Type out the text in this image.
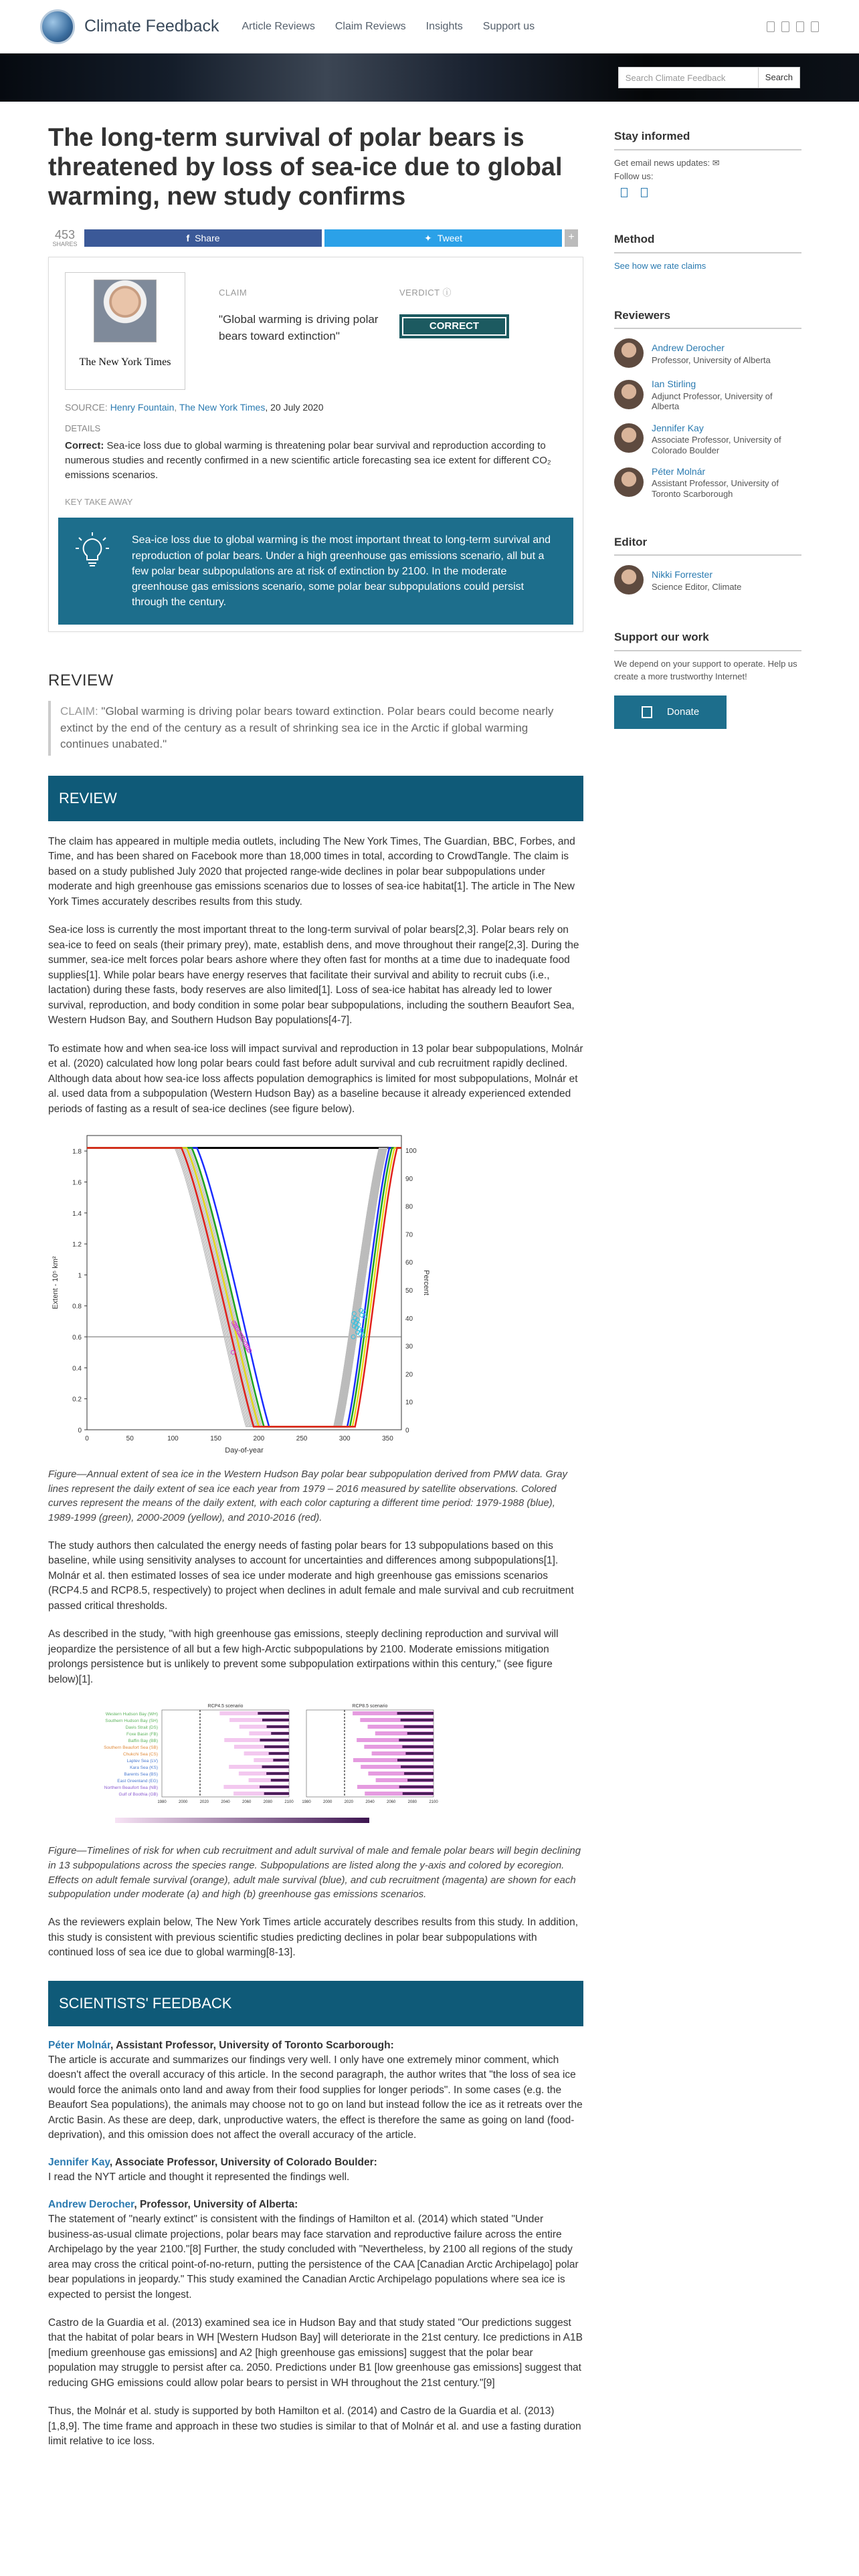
Climate Feedback Article Reviews Claim Reviews Insights Support us
Search Climate Feedback	Search
The long-term survival of polar bears is threatened by loss of sea-ice due to global warming, new study confirms
453
SHARES
f Share	✦ Tweet	+
The New York Times
CLAIM
"Global warming is driving polar bears toward extinction"
VERDICT ⓘ
CORRECT
SOURCE: Henry Fountain, The New York Times, 20 July 2020
DETAILS
Correct: Sea-ice loss due to global warming is threatening polar bear survival and reproduction according to numerous studies and recently confirmed in a new scientific article forecasting sea ice extent for different CO₂ emissions scenarios.
KEY TAKE AWAY
Sea-ice loss due to global warming is the most important threat to long-term survival and reproduction of polar bears. Under a high greenhouse gas emissions scenario, all but a few polar bear subpopulations are at risk of extinction by 2100. In the moderate greenhouse gas emissions scenario, some polar bear subpopulations could persist through the century.
REVIEW
CLAIM: "Global warming is driving polar bears toward extinction. Polar bears could become nearly extinct by the end of the century as a result of shrinking sea ice in the Arctic if global warming continues unabated."
REVIEW

The claim has appeared in multiple media outlets, including The New York Times, The Guardian, BBC, Forbes, and Time, and has been shared on Facebook more than 18,000 times in total, according to CrowdTangle. The claim is based on a study published July 2020 that projected range-wide declines in polar bear subpopulations under moderate and high greenhouse gas emissions scenarios due to losses of sea-ice habitat[1]. The article in The New York Times accurately describes results from this study.

Sea-ice loss is currently the most important threat to the long-term survival of polar bears[2,3]. Polar bears rely on sea-ice to feed on seals (their primary prey), mate, establish dens, and move throughout their range[2,3]. During the summer, sea-ice melt forces polar bears ashore where they often fast for months at a time due to inadequate food supplies[1]. While polar bears have energy reserves that facilitate their survival and ability to recruit cubs (i.e., lactation) during these fasts, body reserves are also limited[1]. Loss of sea-ice habitat has already led to lower survival, reproduction, and body condition in some polar bear subpopulations, including the southern Beaufort Sea, Western Hudson Bay, and Southern Hudson Bay populations[4-7].

To estimate how and when sea-ice loss will impact survival and reproduction in 13 polar bear subpopulations, Molnár et al. (2020) calculated how long polar bears could fast before adult survival and cub recruitment rapidly declined. Although data about how sea-ice loss affects population demographics is limited for most subpopulations, Molnár et al. used data from a subpopulation (Western Hudson Bay) as a baseline because it already experienced extended periods of fasting as a result of sea-ice declines (see figure below).

0
0.2
0.4
0.6
0.8
1
1.2
1.4
1.6
1.8
0	50	100	150	200	250	300	350
0
10
20
30
40
50
60
70
80
90
100
Extent - 10⁵ km²	Percent
Day-of-year
Figure—Annual extent of sea ice in the Western Hudson Bay polar bear subpopulation derived from PMW data. Gray lines represent the daily extent of sea ice each year from 1979 – 2016 measured by satellite observations. Colored curves represent the means of the daily extent, with each color capturing a different time period: 1979-1988 (blue), 1989-1999 (green), 2000-2009 (yellow), and 2010-2016 (red).

The study authors then calculated the energy needs of fasting polar bears for 13 subpopulations based on this baseline, while using sensitivity analyses to account for uncertainties and differences among subpopulations[1]. Molnár et al. then estimated losses of sea ice under moderate and high greenhouse gas emissions scenarios (RCP4.5 and RCP8.5, respectively) to project when declines in adult female and male survival and cub recruitment passed critical thresholds.

As described in the study, "with high greenhouse gas emissions, steeply declining reproduction and survival will jeopardize the persistence of all but a few high-Arctic subpopulations by 2100. Moderate emissions mitigation prolongs persistence but is unlikely to prevent some subpopulation extirpations within this century," (see figure below)[1].

Western Hudson Bay (WH)
Southern Hudson Bay (SH)
Davis Strait (DS)
Foxe Basin (FB)
Baffin Bay (BB)
Southern Beaufort Sea (SB)
Chukchi Sea (CS)
Laptev Sea (LV)
Kara Sea (KS)
Barents Sea (BS)
East Greenland (EG)
Northern Beaufort Sea (NB)
Gulf of Boothia (GB)
RCP4.5 scenario
1980	2000	2020	2040	2060	2080	2100
RCP8.5 scenario
1980	2000	2020	2040	2060	2080	2100
Figure—Timelines of risk for when cub recruitment and adult survival of male and female polar bears will begin declining in 13 subpopulations across the species range. Subpopulations are listed along the y-axis and colored by ecoregion. Effects on adult female survival (orange), adult male survival (blue), and cub recruitment (magenta) are shown for each subpopulation under moderate (a) and high (b) greenhouse gas emissions scenarios.

As the reviewers explain below, The New York Times article accurately describes results from this study. In addition, this study is consistent with previous scientific studies predicting declines in polar bear subpopulations with continued loss of sea ice due to global warming[8-13].

SCIENTISTS' FEEDBACK
Péter Molnár, Assistant Professor, University of Toronto Scarborough:
The article is accurate and summarizes our findings very well. I only have one extremely minor comment, which doesn't affect the overall accuracy of this article. In the second paragraph, the author writes that "the loss of sea ice would force the animals onto land and away from their food supplies for longer periods". In some cases (e.g. the Beaufort Sea populations), the animals may choose not to go on land but instead follow the ice as it retreats over the Arctic Basin. As these are deep, dark, unproductive waters, the effect is therefore the same as going on land (food-deprivation), and this omission does not affect the overall accuracy of the article.
Jennifer Kay, Associate Professor, University of Colorado Boulder:
I read the NYT article and thought it represented the findings well.
Andrew Derocher, Professor, University of Alberta:
The statement of "nearly extinct" is consistent with the findings of Hamilton et al. (2014) which stated "Under business-as-usual climate projections, polar bears may face starvation and reproductive failure across the entire Archipelago by the year 2100."[8] Further, the study concluded with "Nevertheless, by 2100 all regions of the study area may cross the critical point-of-no-return, putting the persistence of the CAA [Canadian Arctic Archipelago] polar bear populations in jeopardy." This study examined the Canadian Arctic Archipelago populations where sea ice is expected to persist the longest.

Castro de la Guardia et al. (2013) examined sea ice in Hudson Bay and that study stated "Our predictions suggest that the habitat of polar bears in WH [Western Hudson Bay] will deteriorate in the 21st century. Ice predictions in A1B [medium greenhouse gas emissions] and A2 [high greenhouse gas emissions] suggest that the polar bear population may struggle to persist after ca. 2050. Predictions under B1 [low greenhouse gas emissions] suggest that reducing GHG emissions could allow polar bears to persist in WH throughout the 21st century."[9]

Thus, the Molnár et al. study is supported by both Hamilton et al. (2014) and Castro de la Guardia et al. (2013)[1,8,9]. The time frame and approach in these two studies is similar to that of Molnár et al. and use a fasting duration limit relative to ice loss.

Stay informed
Get email news updates: ✉
Follow us:
Method
See how we rate claims
Reviewers
Andrew Derocher
Professor, University of Alberta
Ian Stirling
Adjunct Professor, University of Alberta
Jennifer Kay
Associate Professor, University of Colorado Boulder
Péter Molnár
Assistant Professor, University of Toronto Scarborough
Editor
Nikki Forrester
Science Editor, Climate
Support our work
We depend on your support to operate. Help us create a more trustworthy Internet!
Donate
